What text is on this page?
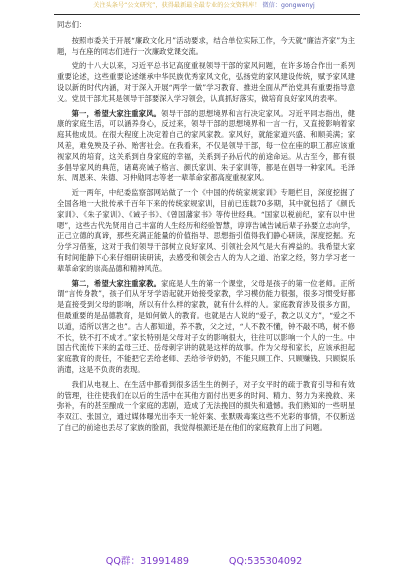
关注头条号“公文研究”，获得最新最全最专业的公文资料库！ 微信：gongwenyj

同志们：

按照市委关于开展“廉政文化月”活动要求，结合单位实际工作，今天就“廉洁齐家”为主题，与在座的同志们进行一次廉政党课交流。

党的十八大以来，习近平总书记高度重视领导干部的家风问题，在许多场合作出一系列重要论述，这些重要论述继承中华民族优秀家风文化，弘扬党的家风建设传统，赋予家风建设以新的时代内涵，对于深入开展“两学一做”学习教育、推进全面从严治党具有重要指导意义。党员干部尤其是领导干部要深入学习领会，认真抓好落实，做培育良好家风的表率。

第一，希望大家注重家风。领导干部的思想境界和言行决定家风。习近平同志指出，健康的家庭生活，可以涵养身心，反过来，领导干部的思想境界和一言一行，又直接影响着家庭其他成员。在很大程度上决定着自己的家风家教。家风好，就能家道兴盛、和顺美满；家风差，难免殃及子孙、贻害社会。在我看来，不仅是领导干部，每一位在座的职工都应该重视家风的培育，这关系到自身家庭的幸福，关系到子孙后代的前途命运。从古至今，都有很多倡导家风的典范，诸葛亮诫子格言、颜氏家训、朱子家训等，都是在倡导一种家风。毛泽东、周恩来、朱德、习仲勋同志等老一辈革命家都高度重视家风。

近一两年，中纪委监察部网站做了一个《中国的传统家规家训》专题栏目，深度挖掘了全国各地一大批传承千百年下来的传统家规家训，目前已连载70多期，其中就包括了《颜氏家训》、《朱子家训》、《诫子书》、《曾国藩家书》等传世经典。“国家以税前纪，家有以中世嗯”，这些古代先贤用自己丰富的人生经历和经验智慧，谆谆告诫告诫后辈子孙要立志向学，正己立德的真谛，那些充满正能量的价值指导、思想指引值得我们静心研读，深度挖掘。充分学习借鉴，这对于我们领导干部树立良好家风、引领社会风气是大有裨益的。我希望大家有时间能静下心来仔细研读研读，去感受和领会古人的为人之道、治家之经，努力学习老一辈革命家的崇高品德和精神风范。

第二，希望大家注重家教。家庭是人生的第一个课堂，父母是孩子的第一位老师。正所谓“言传身教”，孩子们从牙牙学语起就开始接受家教，学习模仿能力很强，很多习惯受好都是直接受到父母的影响，所以有什么样的家教，就有什么样的人。家庭教育涉及很多方面，但最重要的是品德教育，是如何做人的教育。也就是古人说的“爱子，教之以义方”，“爱之不以道，适所以害之也”。古人都知道，养不教，父之过，“人不教不懂，钟不敲不鸣，树不修不长，铁不打不成才。”家长特别是父母对子女的影响很大，往往可以影响一个人的一生。中国古代流传下来的孟母三迁、岳母刺字讲的就是这样的故事。作为父母和家长，应该承担起家庭教育的责任，不能把它丢给老师、丢给爷爷奶奶，不能只顾工作、只顾赚钱、只顾娱乐消遣，这是不负责的表现。

我们从电视上、在生活中都看到很多活生生的例子，对子女平时的疏于教育引导和有效的管理，往往使我们在以后的生活中在其他方面付出更多的时间、精力、努力为来挽救、来弥补，有的甚至酿成一个家庭的悲剧，造成了无法挽回的损失和遗憾。我们熟知的一些明星李双江、张国立，通过媒体曝光出李天一轮奸案、张默吸毒案这些不光彩的事情，不仅断送了自己的前途也丢尽了家族的脸面，我觉得根源还是在他们的家庭教育上出了问题。

QQ群：31991489	QQ:535304092
